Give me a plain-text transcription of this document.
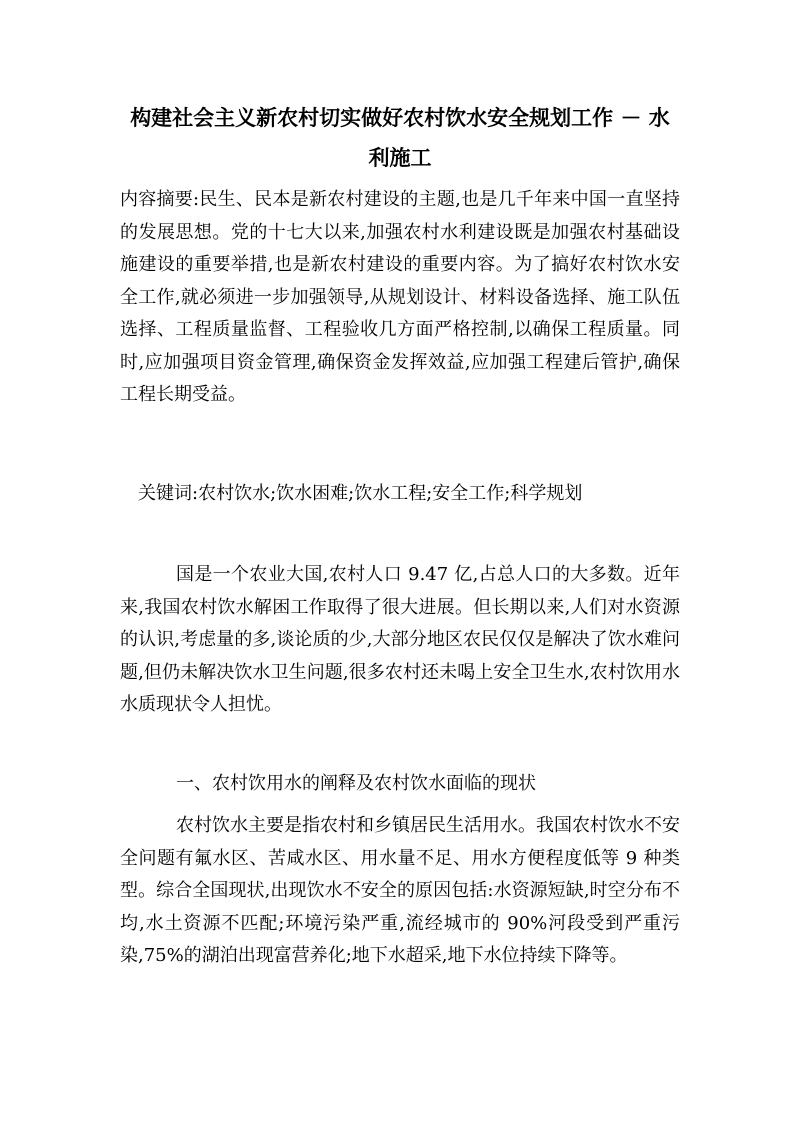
构建社会主义新农村切实做好农村饮水安全规划工作 － 水利施工

内容摘要:民生、民本是新农村建设的主题,也是几千年来中国一直坚持的发展思想。党的十七大以来,加强农村水利建设既是加强农村基础设施建设的重要举措,也是新农村建设的重要内容。为了搞好农村饮水安全工作,就必须进一步加强领导,从规划设计、材料设备选择、施工队伍选择、工程质量监督、工程验收几方面严格控制,以确保工程质量。同时,应加强项目资金管理,确保资金发挥效益,应加强工程建后管护,确保工程长期受益。

关键词:农村饮水;饮水困难;饮水工程;安全工作;科学规划

国是一个农业大国,农村人口 9.47 亿,占总人口的大多数。近年来,我国农村饮水解困工作取得了很大进展。但长期以来,人们对水资源的认识,考虑量的多,谈论质的少,大部分地区农民仅仅是解决了饮水难问题,但仍未解决饮水卫生问题,很多农村还未喝上安全卫生水,农村饮用水水质现状令人担忧。

一、农村饮用水的阐释及农村饮水面临的现状

农村饮水主要是指农村和乡镇居民生活用水。我国农村饮水不安全问题有氟水区、苦咸水区、用水量不足、用水方便程度低等 9 种类型。综合全国现状,出现饮水不安全的原因包括:水资源短缺,时空分布不均,水土资源不匹配;环境污染严重,流经城市的 90%河段受到严重污染,75%的湖泊出现富营养化;地下水超采,地下水位持续下降等。
